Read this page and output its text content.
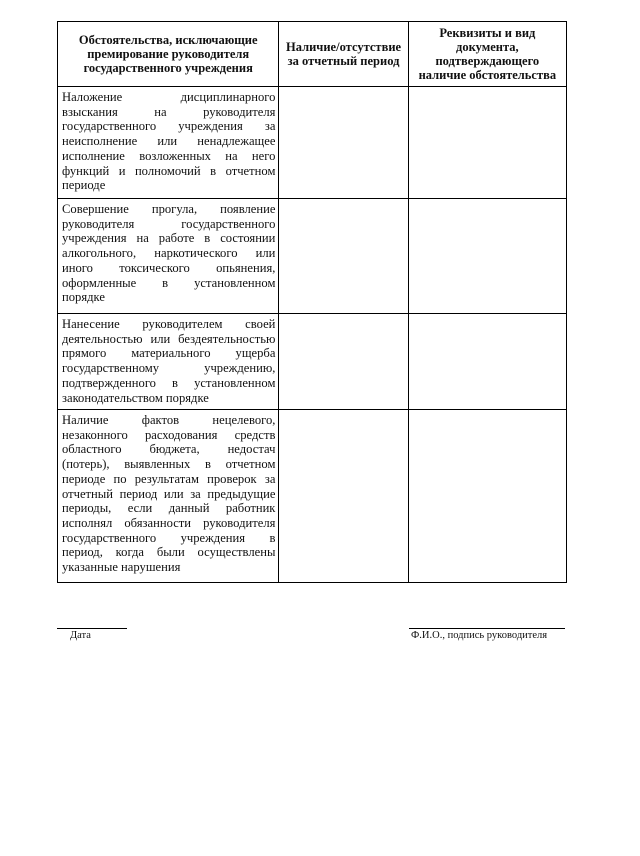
Обстоятельства, исключающие премирование руководителя государственного учреждения	Наличие/отсутствие за отчетный период	Реквизиты и вид документа, подтверждающего наличие обстоятельства

Наложение дисциплинарного взыскания на руководителя государственного учреждения за неисполнение или ненадлежащее исполнение возложенных на него функций и полномочий в отчетном периоде		

Совершение прогула, появление руководителя государственного учреждения на работе в состоянии алкогольного, наркотического или иного токсического опьянения, оформленные в установленном порядке		

Нанесение руководителем своей деятельностью или бездеятельностью прямого материального ущерба государственному учреждению, подтвержденного в установленном законодательством порядке		

Наличие фактов нецелевого, незаконного расходования средств областного бюджета, недостач (потерь), выявленных в отчетном периоде по результатам проверок за отчетный период или за предыдущие периоды, если данный работник исполнял обязанности руководителя государственного учреждения в период, когда были осуществлены указанные нарушения		

Дата	Ф.И.О., подпись руководителя
